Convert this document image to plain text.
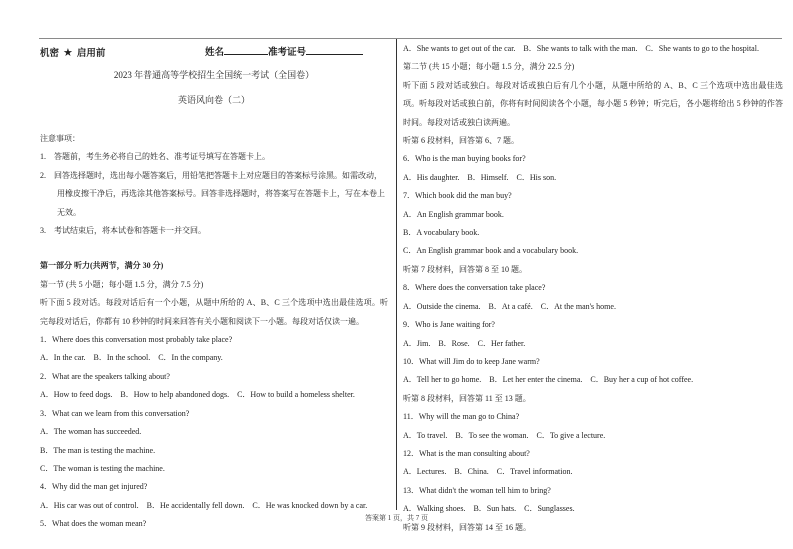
机密 ★ 启用前	姓名	准考证号
2023 年普通高等学校招生全国统一考试（全国卷）
英语风向卷（二）
注意事项：
1.　答题前，考生务必将自己的姓名、准考证号填写在答题卡上。
2.　回答选择题时，选出每小题答案后，用铅笔把答题卡上对应题目的答案标号涂黑。如需改动，用橡皮擦干净后，再选涂其他答案标号。回答非选择题时，将答案写在答题卡上，写在本卷上无效。
3.　考试结束后，将本试卷和答题卡一并交回。
第一部分 听力(共两节，满分 30 分)
第一节 (共 5 小题；每小题 1.5 分，满分 7.5 分)
听下面 5 段对话。每段对话后有一个小题，从题中所给的 A、B、C 三个选项中选出最佳选项。听完每段对话后，你都有 10 秒钟的时间来回答有关小题和阅读下一小题。每段对话仅读一遍。
1．Where does this conversation most probably take place?
A．In the car.　B．In the school.　C．In the company.
2．What are the speakers talking about?
A．How to feed dogs.　B．How to help abandoned dogs.　C．How to build a homeless shelter.
3．What can we learn from this conversation?
A．The woman has succeeded.
B．The man is testing the machine.
C．The woman is testing the machine.
4．Why did the man get injured?
A．His car was out of control.　B．He accidentally fell down.　C．He was knocked down by a car.
5．What does the woman mean?
A．She wants to get out of the car.　B．She wants to talk with the man.　C．She wants to go to the hospital.
第二节 (共 15 小题；每小题 1.5 分，满分 22.5 分)
听下面 5 段对话或独白。每段对话或独白后有几个小题，从题中所给的 A、B、C 三个选项中选出最佳选项。听每段对话或独白前，你将有时间阅读各个小题，每小题 5 秒钟；听完后，各小题将给出 5 秒钟的作答时间。每段对话或独白读两遍。
听第 6 段材料，回答第 6、7 题。
6．Who is the man buying books for?
A．His daughter.　B．Himself.　C．His son.
7．Which book did the man buy?
A．An English grammar book.
B．A vocabulary book.
C．An English grammar book and a vocabulary book.
听第 7 段材料，回答第 8 至 10 题。
8．Where does the conversation take place?
A．Outside the cinema.　B．At a café.　C．At the man's home.
9．Who is Jane waiting for?
A．Jim.　B．Rose.　C．Her father.
10．What will Jim do to keep Jane warm?
A．Tell her to go home.　B．Let her enter the cinema.　C．Buy her a cup of hot coffee.
听第 8 段材料，回答第 11 至 13 题。
11．Why will the man go to China?
A．To travel.　B．To see the woman.　C．To give a lecture.
12．What is the man consulting about?
A．Lectures.　B．China.　C．Travel information.
13．What didn't the woman tell him to bring?
A．Walking shoes.　B．Sun hats.　C．Sunglasses.
听第 9 段材料，回答第 14 至 16 题。
答案第 1 页，共 7 页
